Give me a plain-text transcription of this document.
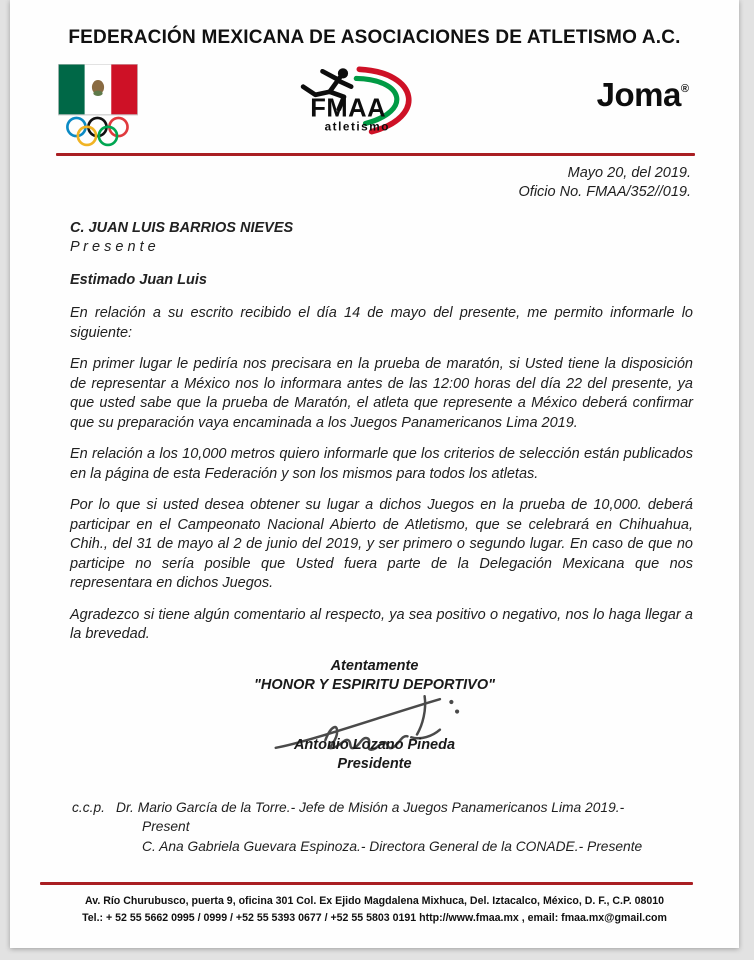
FEDERACIÓN MEXICANA DE ASOCIACIONES DE ATLETISMO A.C.
FMAA
atletismo
Joma®
Mayo 20, del 2019.
Oficio No. FMAA/352//019.
C. JUAN LUIS BARRIOS NIEVES
P r e s e n t e
Estimado Juan Luis

En relación a su escrito recibido el día 14 de mayo del presente, me permito informarle lo siguiente:

En primer lugar le pediría nos precisara en la prueba de maratón, si Usted tiene la disposición de representar a México nos lo informara antes de las 12:00 horas del día 22 del presente, ya que usted sabe que la prueba de Maratón, el atleta que represente a México deberá confirmar que su preparación vaya encaminada a los Juegos Panamericanos Lima 2019.

En relación a los 10,000 metros quiero informarle que los criterios de selección están publicados en la página de esta Federación y son los mismos para todos los atletas.

Por lo que si usted desea obtener su lugar a dichos Juegos en la prueba de 10,000. deberá participar en el Campeonato Nacional Abierto de Atletismo, que se celebrará en Chihuahua, Chih., del 31 de mayo al 2 de junio del 2019, y ser primero o segundo lugar. En caso de que no participe no sería posible que Usted fuera parte de la Delegación Mexicana que nos representara en dichos Juegos.

Agradezco si tiene algún comentario al respecto, ya sea positivo o negativo, nos lo haga llegar a la brevedad.

Atentamente
"HONOR Y ESPIRITU DEPORTIVO"
Antonio Lozano Pineda
Presidente
c.c.p. Dr. Mario García de la Torre.- Jefe de Misión a Juegos Panamericanos Lima 2019.-
Present
C. Ana Gabriela Guevara Espinoza.- Directora General de la CONADE.- Presente
Av. Río Churubusco, puerta 9, oficina 301 Col. Ex Ejido Magdalena Mixhuca, Del. Iztacalco, México, D. F., C.P. 08010
Tel.: + 52 55 5662 0995 / 0999 / +52 55 5393 0677 / +52 55 5803 0191 http://www.fmaa.mx , email: fmaa.mx@gmail.com
